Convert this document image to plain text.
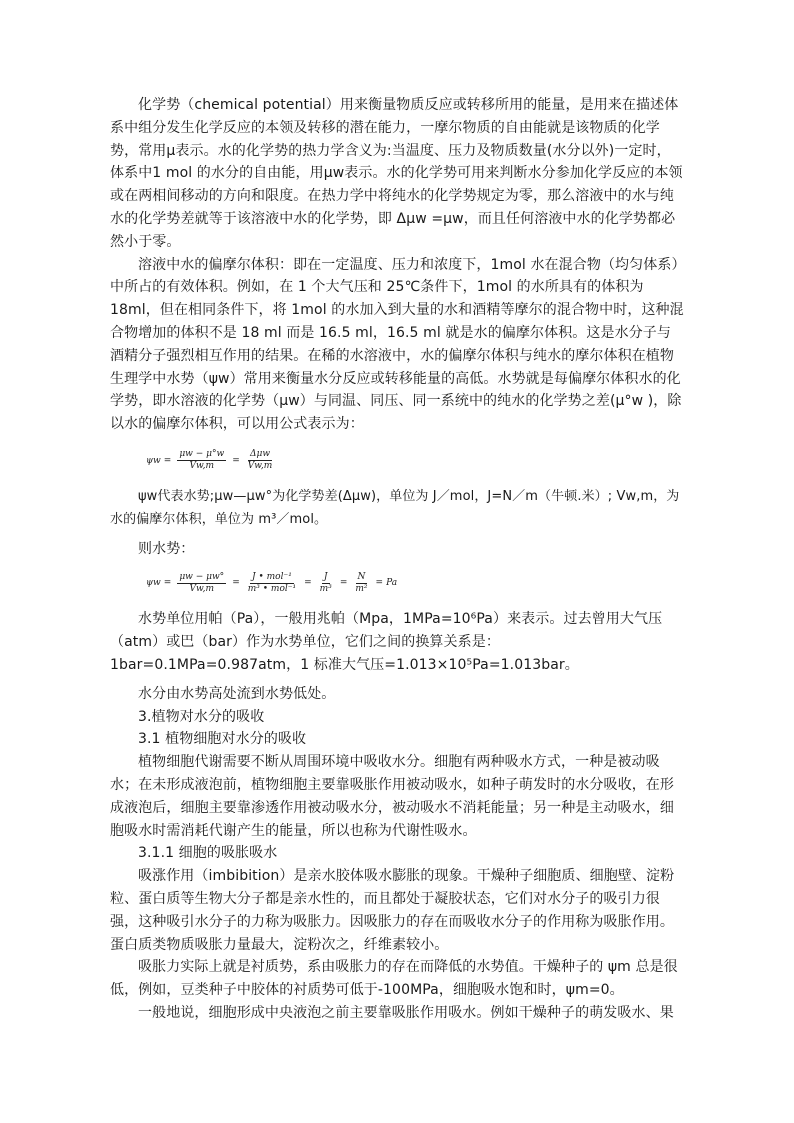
化学势（chemical potential）用来衡量物质反应或转移所用的能量，是用来在描述体系中组分发生化学反应的本领及转移的潜在能力，一摩尔物质的自由能就是该物质的化学势，常用μ表示。水的化学势的热力学含义为:当温度、压力及物质数量(水分以外)一定时，体系中1 mol 的水分的自由能，用μw表示。水的化学势可用来判断水分参加化学反应的本领或在两相间移动的方向和限度。在热力学中将纯水的化学势规定为零，那么溶液中的水与纯水的化学势差就等于该溶液中水的化学势，即 Δμw =μw，而且任何溶液中水的化学势都必然小于零。

溶液中水的偏摩尔体积：即在一定温度、压力和浓度下，1mol 水在混合物（均匀体系）中所占的有效体积。例如，在 1 个大气压和 25℃条件下，1mol 的水所具有的体积为 18ml，但在相同条件下，将 1mol 的水加入到大量的水和酒精等摩尔的混合物中时，这种混合物增加的体积不是 18 ml 而是 16.5 ml，16.5 ml 就是水的偏摩尔体积。这是水分子与酒精分子强烈相互作用的结果。在稀的水溶液中，水的偏摩尔体积与纯水的摩尔体积在植物生理学中水势（ψw）常用来衡量水分反应或转移能量的高低。水势就是每偏摩尔体积水的化学势，即水溶液的化学势（μw）与同温、同压、同一系统中的纯水的化学势之差(μ°w )，除以水的偏摩尔体积，可以用公式表示为：

$\psi w = \frac{\mu w - \mu^\circ w}{Vw,m} = \frac{\text{Δμw}}{Vw,m}$

ψw代表水势;μw—μw°为化学势差(Δμw)，单位为 J／mol，J=N／m（牛顿.米）; Vw,m，为水的偏摩尔体积，单位为 m³／mol。

则水势：

$\psi w = \frac{\mu w - \mu w^\circ}{Vw,m} = \frac{\text{J • mol⁻¹}}{\text{m³ • mol⁻¹}} = \frac{J}{\text{m³}} = \frac{N}{\text{m²}} = Pa$

水势单位用帕（Pa），一般用兆帕（Mpa，1MPa=10⁶Pa）来表示。过去曾用大气压（atm）或巴（bar）作为水势单位，它们之间的换算关系是：1bar=0.1MPa=0.987atm，1 标准大气压=1.013×10⁵Pa=1.013bar。

水分由水势高处流到水势低处。

3.植物对水分的吸收

3.1 植物细胞对水分的吸收

植物细胞代谢需要不断从周围环境中吸收水分。细胞有两种吸水方式，一种是被动吸水；在未形成液泡前，植物细胞主要靠吸胀作用被动吸水，如种子萌发时的水分吸收，在形成液泡后，细胞主要靠渗透作用被动吸水分，被动吸水不消耗能量；另一种是主动吸水，细胞吸水时需消耗代谢产生的能量，所以也称为代谢性吸水。

3.1.1 细胞的吸胀吸水

吸涨作用（imbibition）是亲水胶体吸水膨胀的现象。干燥种子细胞质、细胞壁、淀粉粒、蛋白质等生物大分子都是亲水性的，而且都处于凝胶状态，它们对水分子的吸引力很强，这种吸引水分子的力称为吸胀力。因吸胀力的存在而吸收水分子的作用称为吸胀作用。蛋白质类物质吸胀力量最大，淀粉次之，纤维素较小。

吸胀力实际上就是衬质势，系由吸胀力的存在而降低的水势值。干燥种子的 ψm 总是很低，例如，豆类种子中胶体的衬质势可低于-100MPa，细胞吸水饱和时，ψm=0。

一般地说，细胞形成中央液泡之前主要靠吸胀作用吸水。例如干燥种子的萌发吸水、果
